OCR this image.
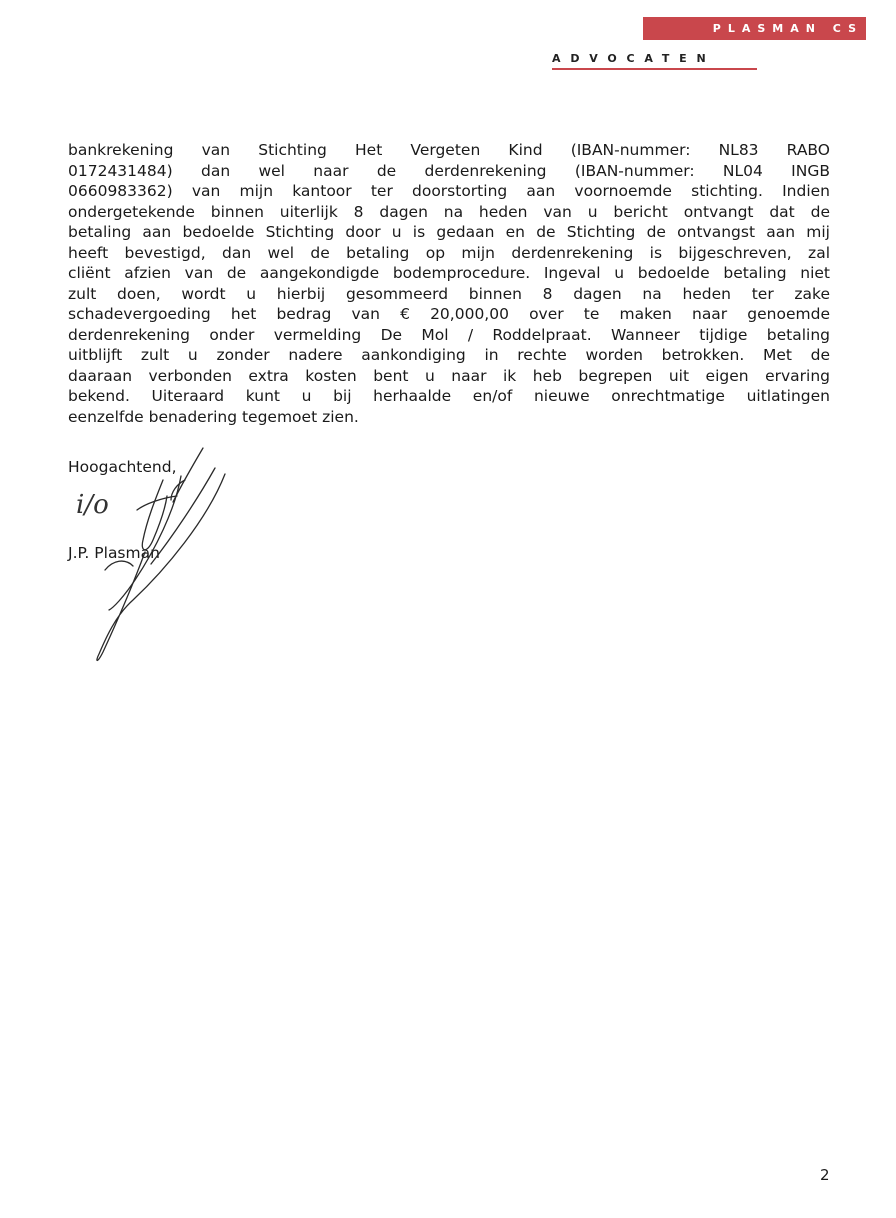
PLASMAN CS
ADVOCATEN
bankrekening van Stichting Het Vergeten Kind (IBAN-nummer: NL83 RABO
0172431484) dan wel naar de derdenrekening (IBAN-nummer: NL04 INGB
0660983362) van mijn kantoor ter doorstorting aan voornoemde stichting. Indien
ondergetekende binnen uiterlijk 8 dagen na heden van u bericht ontvangt dat de
betaling aan bedoelde Stichting door u is gedaan en de Stichting de ontvangst aan mij
heeft bevestigd, dan wel de betaling op mijn derdenrekening is bijgeschreven, zal
cliënt afzien van de aangekondigde bodemprocedure. Ingeval u bedoelde betaling niet
zult doen, wordt u hierbij gesommeerd binnen 8 dagen na heden ter zake
schadevergoeding het bedrag van € 20,000,00 over te maken naar genoemde
derdenrekening onder vermelding De Mol / Roddelpraat. Wanneer tijdige betaling
uitblijft zult u zonder nadere aankondiging in rechte worden betrokken. Met de
daaraan verbonden extra kosten bent u naar ik heb begrepen uit eigen ervaring
bekend. Uiteraard kunt u bij herhaalde en/of nieuwe onrechtmatige uitlatingen
eenzelfde benadering tegemoet zien.
Hoogachtend,
i/o
J.P. Plasman
2
